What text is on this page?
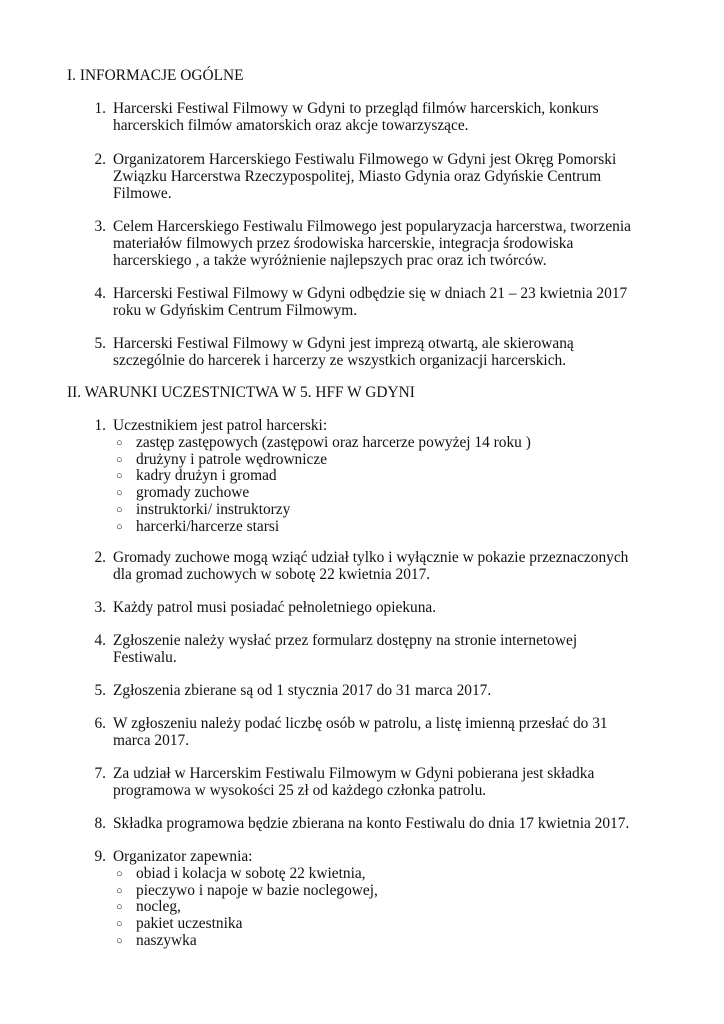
I. INFORMACJE OGÓLNE
1. Harcerski Festiwal Filmowy w Gdyni to przegląd filmów harcerskich, konkurs
harcerskich filmów amatorskich oraz akcje towarzyszące.
2. Organizatorem Harcerskiego Festiwalu Filmowego w Gdyni jest Okręg Pomorski
Związku Harcerstwa Rzeczypospolitej, Miasto Gdynia oraz Gdyńskie Centrum
Filmowe.
3. Celem Harcerskiego Festiwalu Filmowego jest popularyzacja harcerstwa, tworzenia
materiałów filmowych przez środowiska harcerskie, integracja środowiska
harcerskiego , a także wyróżnienie najlepszych prac oraz ich twórców.
4. Harcerski Festiwal Filmowy w Gdyni odbędzie się w dniach 21 – 23 kwietnia 2017
roku w Gdyńskim Centrum Filmowym.
5. Harcerski Festiwal Filmowy w Gdyni jest imprezą otwartą, ale skierowaną
szczególnie do harcerek i harcerzy ze wszystkich organizacji harcerskich.
II. WARUNKI UCZESTNICTWA W 5. HFF W GDYNI
1. Uczestnikiem jest patrol harcerski:
○ zastęp zastępowych (zastępowi oraz harcerze powyżej 14 roku )
○ drużyny i patrole wędrownicze
○ kadry drużyn i gromad
○ gromady zuchowe
○ instruktorki/ instruktorzy
○ harcerki/harcerze starsi
2. Gromady zuchowe mogą wziąć udział tylko i wyłącznie w pokazie przeznaczonych
dla gromad zuchowych w sobotę 22 kwietnia 2017.
3. Każdy patrol musi posiadać pełnoletniego opiekuna.
4. Zgłoszenie należy wysłać przez formularz dostępny na stronie internetowej
Festiwalu.
5. Zgłoszenia zbierane są od 1 stycznia 2017 do 31 marca 2017.
6. W zgłoszeniu należy podać liczbę osób w patrolu, a listę imienną przesłać do 31
marca 2017.
7. Za udział w Harcerskim Festiwalu Filmowym w Gdyni pobierana jest składka
programowa w wysokości 25 zł od każdego członka patrolu.
8. Składka programowa będzie zbierana na konto Festiwalu do dnia 17 kwietnia 2017.
9. Organizator zapewnia:
○ obiad i kolacja w sobotę 22 kwietnia,
○ pieczywo i napoje w bazie noclegowej,
○ nocleg,
○ pakiet uczestnika
○ naszywka
